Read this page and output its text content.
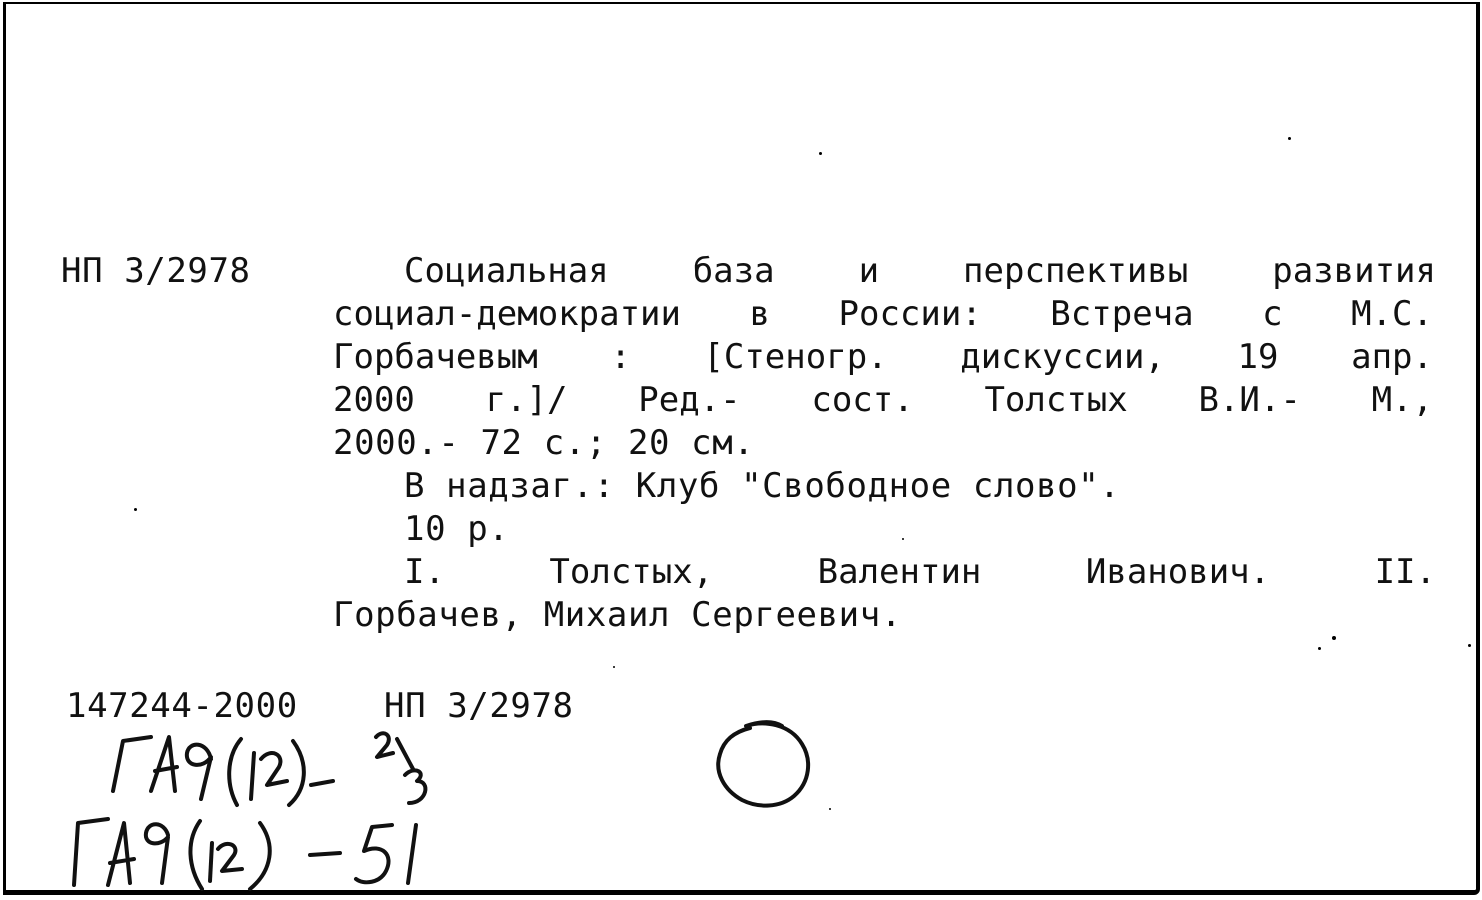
НП 3/2978	Социальная база и перспективы развития
социал-демократии в России: Встреча с М.С.
Горбачевым : [Стеногр. дискуссии, 19 апр.
2000 г.]/ Ред.- сост. Толстых В.И.- М.,
2000.- 72 с.; 20 см.
В надзаг.: Клуб "Свободное слово".
10 р.
I. Толстых, Валентин Иванович. II.
Горбачев, Михаил Сергеевич.
147244-2000	НП 3/2978
